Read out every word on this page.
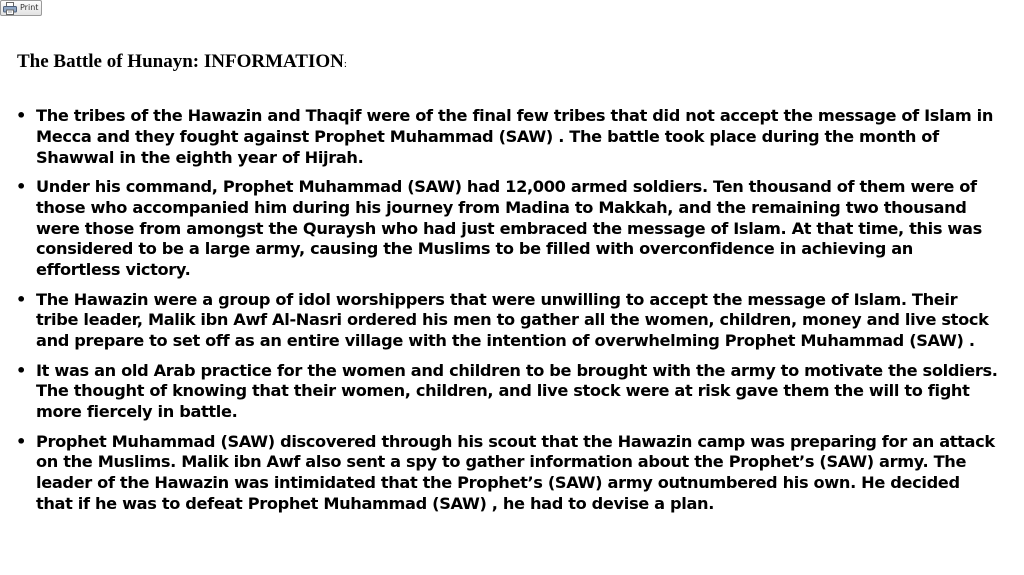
Print
The Battle of Hunayn: INFORMATION:
• The tribes of the Hawazin and Thaqif were of the final few tribes that did not accept the message of Islam in Mecca and they fought against Prophet Muhammad (SAW) . The battle took place during the month of Shawwal in the eighth year of Hijrah.
• Under his command, Prophet Muhammad (SAW) had 12,000 armed soldiers. Ten thousand of them were of those who accompanied him during his journey from Madina to Makkah, and the remaining two thousand were those from amongst the Quraysh who had just embraced the message of Islam. At that time, this was considered to be a large army, causing the Muslims to be filled with overconfidence in achieving an effortless victory.
• The Hawazin were a group of idol worshippers that were unwilling to accept the message of Islam. Their tribe leader, Malik ibn Awf Al-Nasri ordered his men to gather all the women, children, money and live stock and prepare to set off as an entire village with the intention of overwhelming Prophet Muhammad (SAW) .
• It was an old Arab practice for the women and children to be brought with the army to motivate the soldiers. The thought of knowing that their women, children, and live stock were at risk gave them the will to fight more fiercely in battle.
• Prophet Muhammad (SAW) discovered through his scout that the Hawazin camp was preparing for an attack on the Muslims. Malik ibn Awf also sent a spy to gather information about the Prophet’s (SAW) army. The leader of the Hawazin was intimidated that the Prophet’s (SAW) army outnumbered his own. He decided that if he was to defeat Prophet Muhammad (SAW) , he had to devise a plan.
